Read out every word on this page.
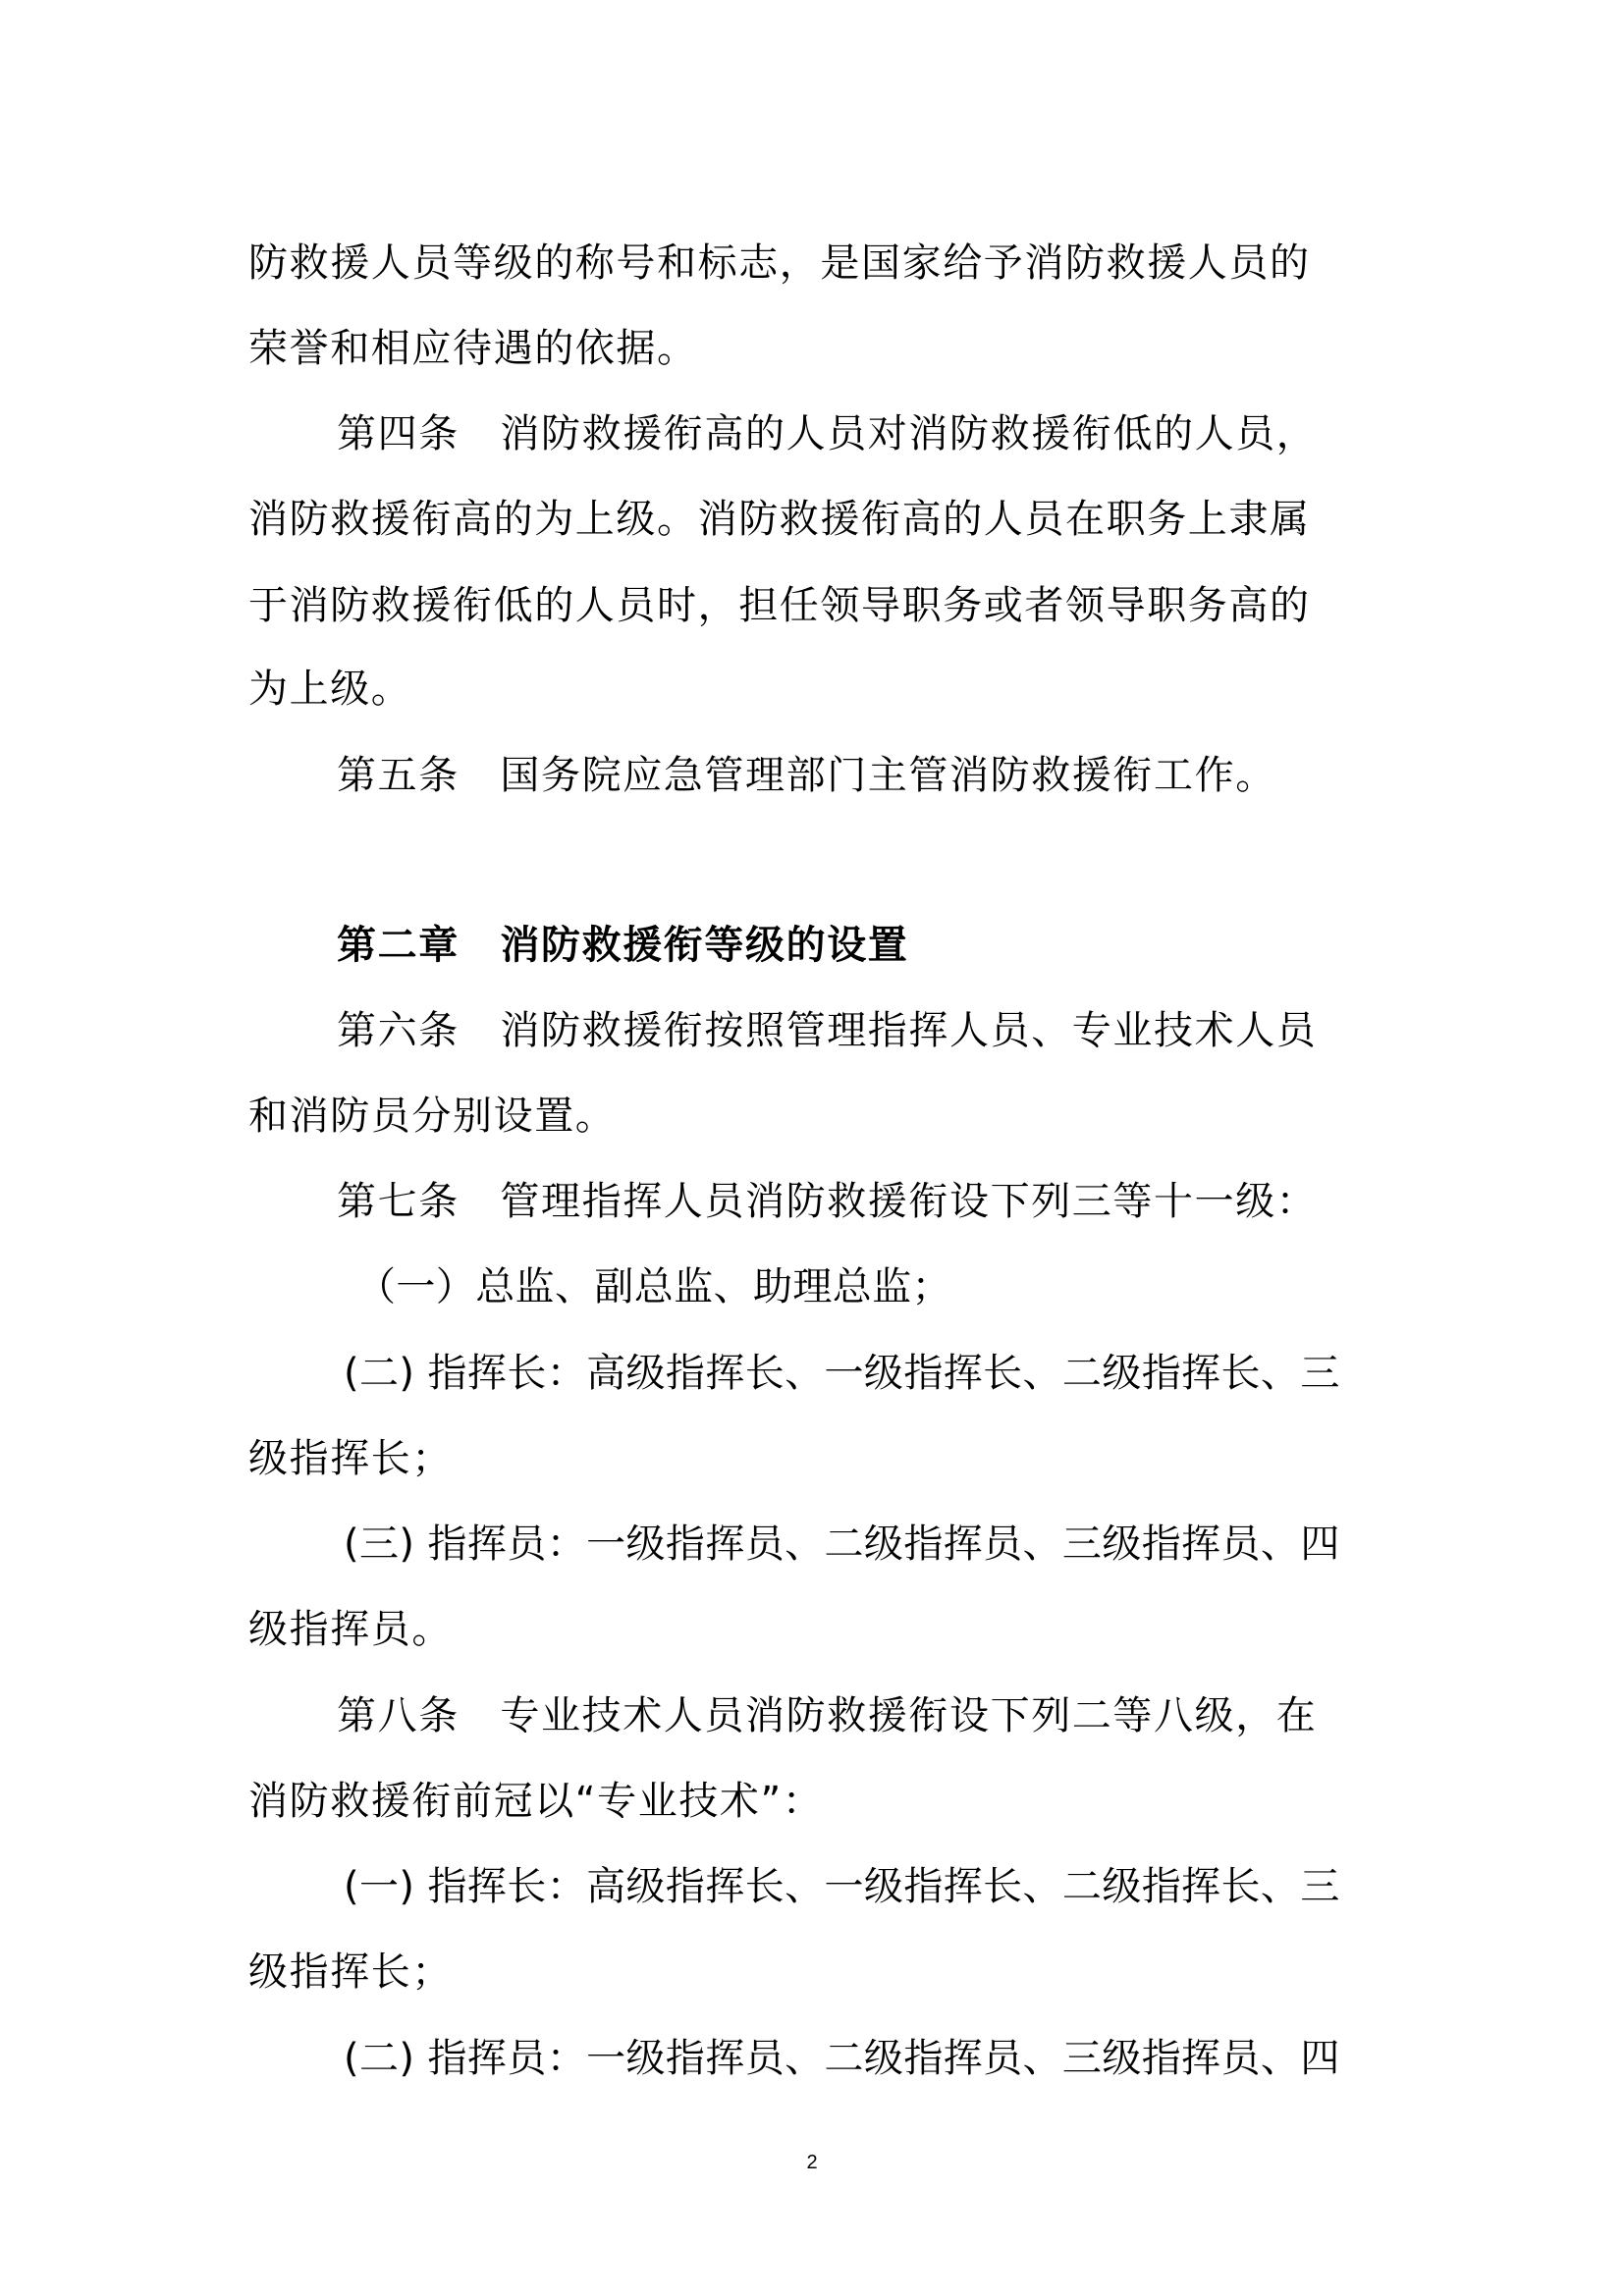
防救援人员等级的称号和标志，是国家给予消防救援人员的
荣誉和相应待遇的依据。
第四条　消防救援衔高的人员对消防救援衔低的人员，
消防救援衔高的为上级。消防救援衔高的人员在职务上隶属
于消防救援衔低的人员时，担任领导职务或者领导职务高的
为上级。
第五条　国务院应急管理部门主管消防救援衔工作。
第二章　消防救援衔等级的设置
第六条　消防救援衔按照管理指挥人员、专业技术人员
和消防员分别设置。
第七条　管理指挥人员消防救援衔设下列三等十一级：
（一）总监、副总监、助理总监；
(二) 指挥长：高级指挥长、一级指挥长、二级指挥长、三
级指挥长；
(三) 指挥员：一级指挥员、二级指挥员、三级指挥员、四
级指挥员。
第八条　专业技术人员消防救援衔设下列二等八级，在
消防救援衔前冠以“专业技术”：
(一) 指挥长：高级指挥长、一级指挥长、二级指挥长、三
级指挥长；
(二) 指挥员：一级指挥员、二级指挥员、三级指挥员、四
2
